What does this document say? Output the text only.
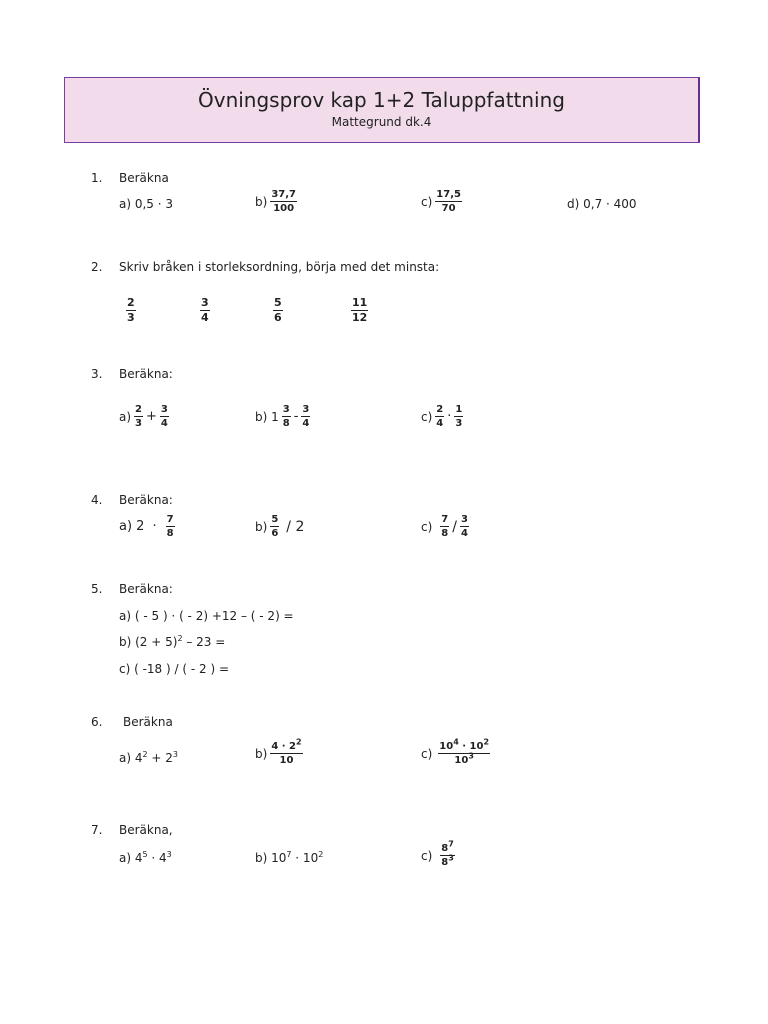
Övningsprov kap 1+2 Taluppfattning
Mattegrund dk.4
1. Beräkna
a) 0,5 · 3	$b) \frac{37,7}{100}$	$c) \frac{17,5}{70}$	d) 0,7 · 400
2. Skriv bråken i storleksordning, börja med det minsta:
$\frac{2}{3}$	$\frac{3}{4}$	$\frac{5}{6}$	$\frac{11}{12}$
3. Beräkna:
$a) \frac{2}{3} + \frac{3}{4}$	b) $1 \frac{3}{8} - \frac{3}{4}$	$c) \frac{2}{4} \cdot \frac{1}{3}$
4. Beräkna:
a) $2 \cdot \frac{7}{8}$	$b) \frac{5}{6} / 2$	$c) \frac{7}{8} / \frac{3}{4}$
5. Beräkna:
a) ( - 5 ) · ( - 2) +12 – ( - 2) =
b) $(2 + 5)^2 - 23$ =
c) ( -18 ) / ( - 2 ) =
6. Beräkna
a) $4^2 + 2^3$	$b) \frac{4 \cdot 2^2}{10}$	$c) \frac{10^4 \cdot 10^2}{10^3}$
7. Beräkna,
a) $4^5 \cdot 4^3$	b) $10^7 \cdot 10^2$	$c) \frac{8^7}{8^3}$
